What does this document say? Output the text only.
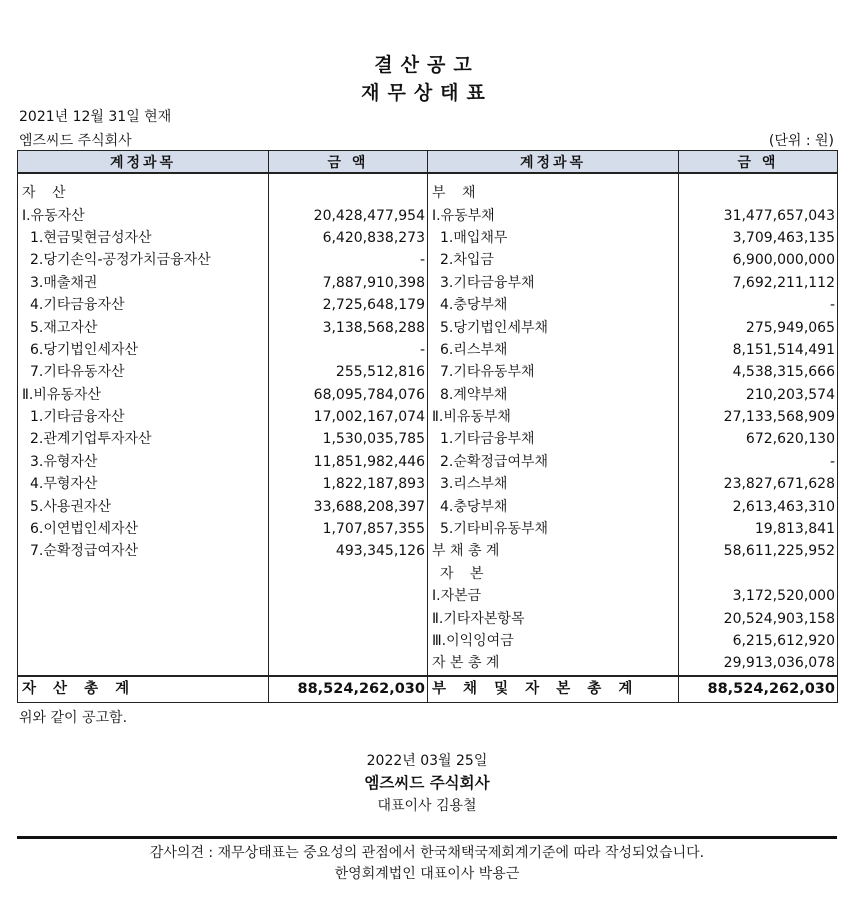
결산공고
재무상태표
2021년 12월 31일 현재
엠즈씨드 주식회사	(단위 : 원)
계정과목	금 액	계정과목	금 액

자 산		부 채	
Ⅰ.유동자산	20,428,477,954	Ⅰ.유동부채	31,477,657,043
1.현금및현금성자산	6,420,838,273	1.매입채무	3,709,463,135
2.당기손익-공정가치금융자산	-	2.차입금	6,900,000,000
3.매출채권	7,887,910,398	3.기타금융부채	7,692,211,112
4.기타금융자산	2,725,648,179	4.충당부채	-
5.재고자산	3,138,568,288	5.당기법인세부채	275,949,065
6.당기법인세자산	-	6.리스부채	8,151,514,491
7.기타유동자산	255,512,816	7.기타유동부채	4,538,315,666
Ⅱ.비유동자산	68,095,784,076	8.계약부채	210,203,574
1.기타금융자산	17,002,167,074	Ⅱ.비유동부채	27,133,568,909
2.관계기업투자자산	1,530,035,785	1.기타금융부채	672,620,130
3.유형자산	11,851,982,446	2.순확정급여부채	-
4.무형자산	1,822,187,893	3.리스부채	23,827,671,628
5.사용권자산	33,688,208,397	4.충당부채	2,613,463,310
6.이연법인세자산	1,707,857,355	5.기타비유동부채	19,813,841
7.순확정급여자산	493,345,126	부 채 총 계	58,611,225,952
		자 본	
		Ⅰ.자본금	3,172,520,000
		Ⅱ.기타자본항목	20,524,903,158
		Ⅲ.이익잉여금	6,215,612,920
		자 본 총 계	29,913,036,078
자 산 총 계	88,524,262,030	부 채 및 자 본 총 계	88,524,262,030
위와 같이 공고함.
2022년 03월 25일
엠즈씨드 주식회사
대표이사 김용철
감사의견 : 재무상태표는 중요성의 관점에서 한국채택국제회계기준에 따라 작성되었습니다.
한영회계법인 대표이사 박용근
